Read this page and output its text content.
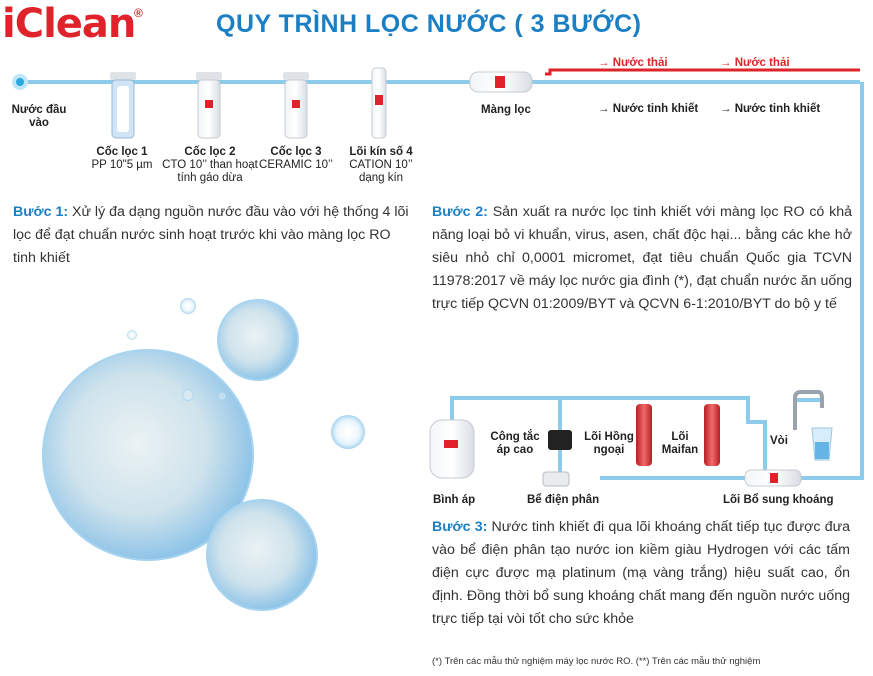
iClean
®	QUY TRÌNH LỌC NƯỚC ( 3 BƯỚC)
Nước đầu vào
Cốc lọc 1
PP 10"5 µm
Cốc lọc 2
CTO 10’’ than hoạt tính gáo dừa
Cốc lọc 3
CERAMIC 10’’
Lõi kín số 4
CATION 10’’ dạng kín
Màng lọc
→ Nước thải	→ Nước thải
→ Nước tinh khiết → Nước tinh khiết
Bước 1: Xử lý đa dạng nguồn nước đầu vào với hệ thống 4 lõi lọc để đạt chuẩn nước sinh hoạt trước khi vào màng lọc RO tinh khiết
Bước 2: Sản xuất ra nước lọc tinh khiết với màng lọc RO có khả năng loại bỏ vi khuẩn, virus, asen, chất độc hại... bằng các khe hở siêu nhỏ chỉ 0,0001 micromet, đạt tiêu chuẩn Quốc gia TCVN 11978:2017 về máy lọc nước gia đình (*), đạt chuẩn nước ăn uống trực tiếp QCVN 01:2009/BYT và QCVN 6-1:2010/BYT do bộ y tế
Bình áp
Công tắc áp cao
Bể điện phân
Lõi Hồng ngoại
Lõi Maifan
Vòi
Lõi Bổ sung khoáng
Bước 3: Nước tinh khiết đi qua lõi khoáng chất tiếp tục được đưa vào bể điện phân tạo nước ion kiềm giàu Hydrogen với các tấm điện cực được mạ platinum (mạ vàng trắng) hiệu suất cao, ổn định. Đồng thời bổ sung khoáng chất mang đến nguồn nước uống trực tiếp tại vòi tốt cho sức khỏe
(*) Trên các mẫu thử nghiệm máy lọc nước RO. (**) Trên các mẫu thử nghiệm
